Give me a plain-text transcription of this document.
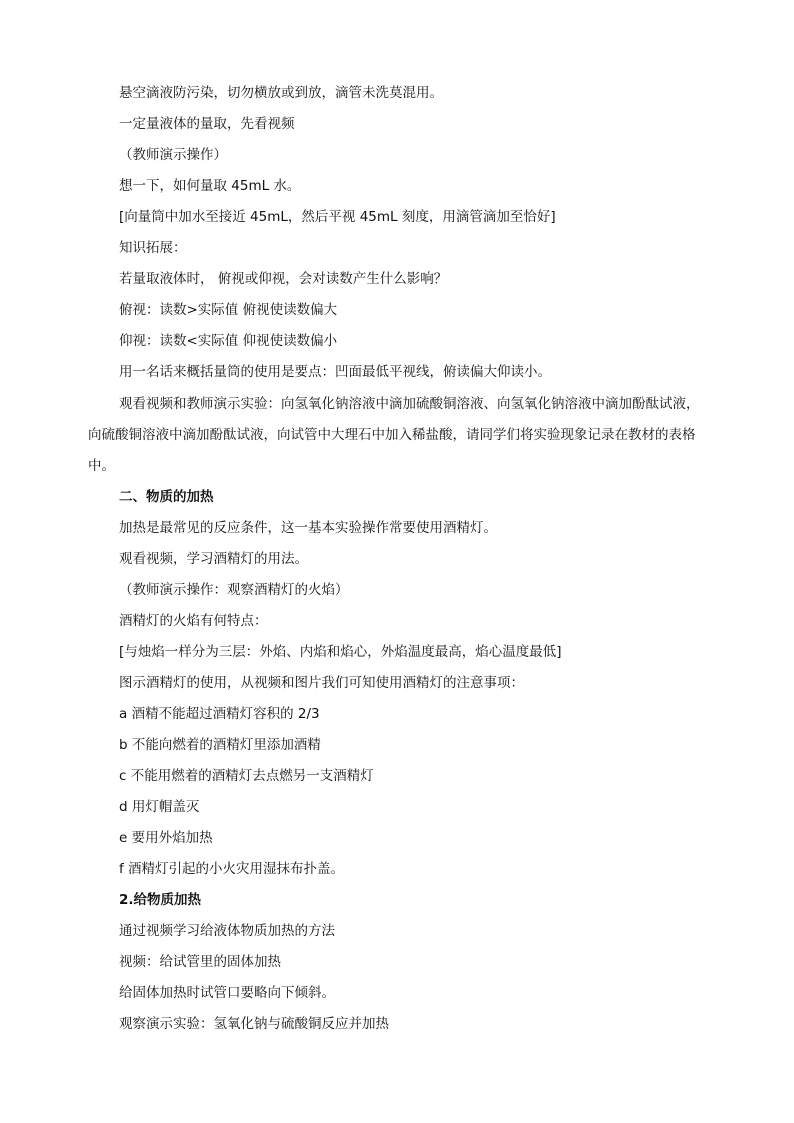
悬空滴液防污染，切勿横放或到放，滴管未洗莫混用。
一定量液体的量取，先看视频
（教师演示操作）
想一下，如何量取 45mL 水。
[向量筒中加水至接近 45mL，然后平视 45mL 刻度，用滴管滴加至恰好]
知识拓展：
若量取液体时， 俯视或仰视，会对读数产生什么影响？
俯视：读数>实际值 俯视使读数偏大
仰视：读数<实际值 仰视使读数偏小
用一名话来概括量筒的使用是要点：凹面最低平视线，俯读偏大仰读小。
观看视频和教师演示实验：向氢氧化钠溶液中滴加硫酸铜溶液、向氢氧化钠溶液中滴加酚酞试液，向硫酸铜溶液中滴加酚酞试液，向试管中大理石中加入稀盐酸，请同学们将实验现象记录在教材的表格中。
二、物质的加热
加热是最常见的反应条件，这一基本实验操作常要使用酒精灯。
观看视频，学习酒精灯的用法。
（教师演示操作：观察酒精灯的火焰）
酒精灯的火焰有何特点：
[与烛焰一样分为三层：外焰、内焰和焰心，外焰温度最高，焰心温度最低]
图示酒精灯的使用，从视频和图片我们可知使用酒精灯的注意事项：
a 酒精不能超过酒精灯容积的 2/3
b 不能向燃着的酒精灯里添加酒精
c 不能用燃着的酒精灯去点燃另一支酒精灯
d 用灯帽盖灭
e 要用外焰加热
f 酒精灯引起的小火灾用湿抹布扑盖。
2.给物质加热
通过视频学习给液体物质加热的方法
视频：给试管里的固体加热
给固体加热时试管口要略向下倾斜。
观察演示实验：氢氧化钠与硫酸铜反应并加热
